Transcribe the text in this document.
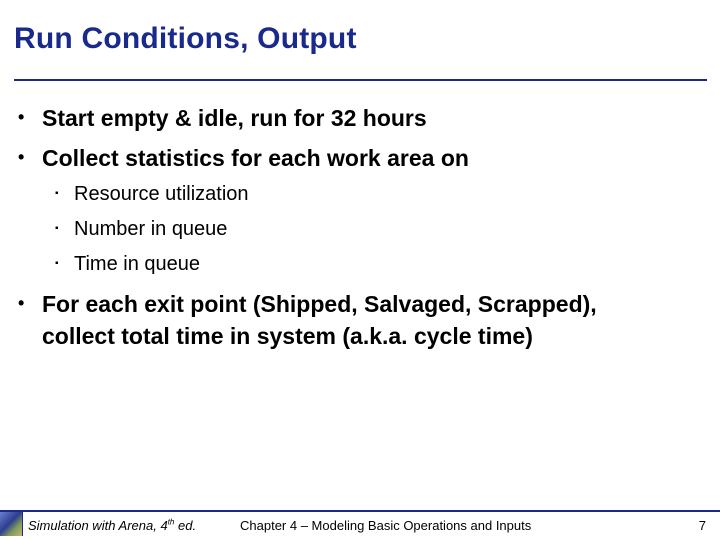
Run Conditions, Output
• Start empty & idle, run for 32 hours
• Collect statistics for each work area on
▪ Resource utilization
▪ Number in queue
▪ Time in queue
• For each exit point (Shipped, Salvaged, Scrapped), collect total time in system (a.k.a. cycle time)
Simulation with Arena, 4th ed.	Chapter 4 – Modeling Basic Operations and Inputs	7
